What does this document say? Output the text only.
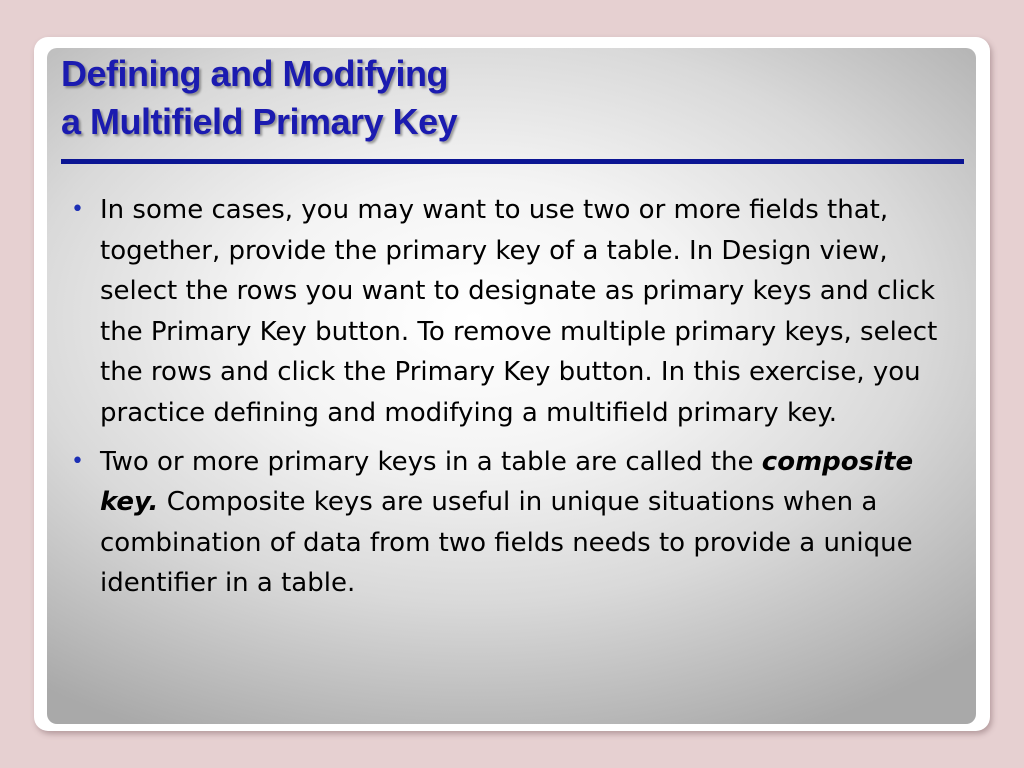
Defining and Modifying
a Multifield Primary Key
• In some cases, you may want to use two or more fields that, together, provide the primary key of a table. In Design view, select the rows you want to designate as primary keys and click the Primary Key button. To remove multiple primary keys, select the rows and click the Primary Key button. In this exercise, you practice defining and modifying a multifield primary key.
• Two or more primary keys in a table are called the composite key. Composite keys are useful in unique situations when a combination of data from two fields needs to provide a unique identifier in a table.
